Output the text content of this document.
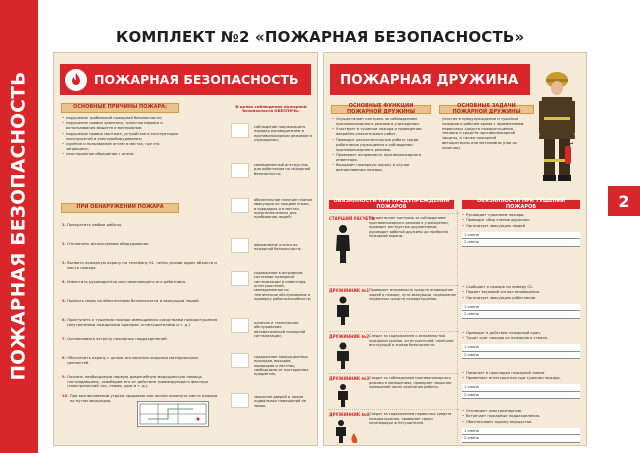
ПОЖАРНАЯ БЕЗОПАСНОСТЬ	2
КОМПЛЕКТ №2 «ПОЖАРНАЯ БЕЗОПАСНОСТЬ»
ПОЖАРНАЯ БЕЗОПАСНОСТЬ
ОСНОВНЫЕ ПРИЧИНЫ ПОЖАРА:
• нарушение требований пожарной безопасности;
• нарушение правил хранения, транспортировки и использования веществ и материалов;
• нарушение правил монтажа, устройства и эксплуатации электросетей и электрооборудования;
• курение и пользование огнем в местах, где это запрещено;
• неосторожное обращение с огнем.
ПРИ ОБНАРУЖЕНИИ ПОЖАРА
1. Прекратить любые работы.
2. Отключить используемое оборудование.
3. Вызвать пожарную охрану по телефону 01, четко указав адрес объекта и место пожара.
4. Известить руководителя или заменяющего его работника.
5. Принять меры по обеспечению безопасности и эвакуации людей.
6. Приступить к тушению пожара имеющимися средствами пожаротушения (внутренними пожарными кранами, огнетушителями и т. д.).
7. Организовать встречу пожарных подразделений.
8. Обеспечить охрану с целью исключения хищения материальных ценностей.
9. Оказать необходимую первую доврачебную медицинскую помощь пострадавшему, освободив его от действия травмирующего фактора (электрический ток, пламя, дым и т. д.).
10. При возникновении угрозы здоровью или жизни покинуть место пожара по путям эвакуации.
В целях соблюдения пожарной безопасности ОБЕСПЕЧЬ:
соблюдение надлежащего порядка руководителем и противопожарным режимом в учреждении;
своевременный инструктаж для работников по пожарной безопасности;
обязательное наличие планов эвакуации на каждом этаже, в коридорах и в местах, предназначенных для пребывания людей;
оформление уголка по пожарной безопасности;
содержание в исправном состоянии пожарной сигнализации и инвентаря, огнетушителей, своевременное их техническое обслуживание и проверку работоспособности;
наличие и техническое обслуживание автоматической пожарной сигнализации;
содержание эвакуационных проходов, выходов, коридоров и лестниц свободными от посторонних предметов;
закрытие дверей и люков подвальных помещений на замок.
ПОЖАРНАЯ ДРУЖИНА
ОСНОВНЫЕ ФУНКЦИИ ПОЖАРНОЙ ДРУЖИНЫ
• Осуществляет контроль за соблюдением противопожарного режима в учреждении.
• Участвует в тушении пожара и проведении аварийно-спасательных работ.
• Проводит разъяснительную работу среди работников учреждения о соблюдении противопожарного режима.
• Проверяет исправность противопожарного инвентаря.
• Вызывает пожарную охрану в случае возникновения пожара.
ОСНОВНЫЕ ЗАДАЧИ ПОЖАРНОЙ ДРУЖИНЫ
участие в предупреждении и тушении пожаров в рабочее время с применением первичных средств пожаротушения, техники и средств противопожарной защиты, а также пожарной автоцистерны или мотопомпы (при их наличии).
ОБЯЗАННОСТИ ПРИ ПРЕДУПРЕЖДЕНИИ ПОЖАРОВ
ОБЯЗАННОСТИ ПРИ ТУШЕНИИ ПОЖАРОВ
СТАРШИЙ РАСЧЕТА
Осуществляет контроль за соблюдением противопожарного режима в учреждении, проводит инструктаж дружинников, руководит работой дружины до прибытия пожарной охраны.
ДРУЖИННИК №1 Проверяет исправность средств оповещения людей о пожаре, пути эвакуации, содержание первичных средств пожаротушения.
ДРУЖИННИК №2 Следит за содержанием и исправностью пожарных кранов, огнетушителей, наличием инструкций и знаков безопасности.
ДРУЖИННИК №3 Следит за соблюдением противопожарного режима в помещениях, проверяет закрытие помещений после окончания работы.
ДРУЖИННИК №4 Следит за содержанием первичных средств пожаротушения, проверяет сроки перезарядки огнетушителей.
• Руководит тушением пожара.
• Проводит сбор членов дружины.
• Организует эвакуацию людей.
1 смена
2 смена
• Сообщает о пожаре по номеру 01.
• Подает звуковой сигнал оповещения.
• Организует эвакуацию работников.
1 смена
2 смена
• Приводит в действие пожарный кран.
• Тушит очаг пожара из пожарного ствола.
1 смена
2 смена
• Помогает в прокладке пожарной линии.
• Применяет огнетушители при тушении пожара.
1 смена
2 смена
• Отключает электроэнергию.
• Встречает пожарные подразделения.
• Обеспечивает охрану имущества.
1 смена
2 смена
